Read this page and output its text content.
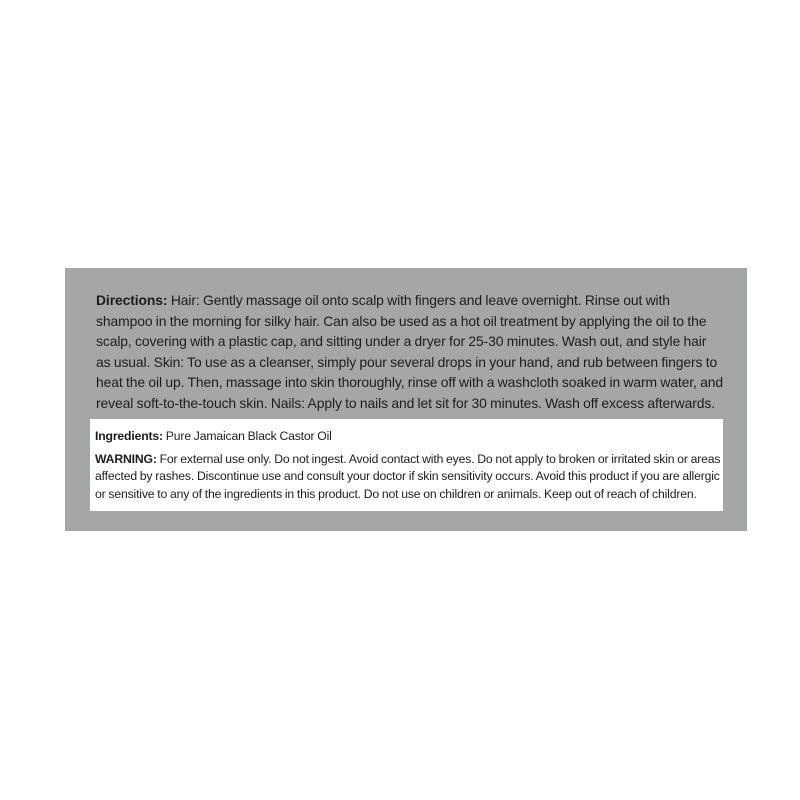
Directions: Hair: Gently massage oil onto scalp with fingers and leave overnight. Rinse out with shampoo in the morning for silky hair. Can also be used as a hot oil treatment by applying the oil to the scalp, covering with a plastic cap, and sitting under a dryer for 25-30 minutes. Wash out, and style hair as usual. Skin: To use as a cleanser, simply pour several drops in your hand, and rub between fingers to heat the oil up. Then, massage into skin thoroughly, rinse off with a washcloth soaked in warm water, and reveal soft-to-the-touch skin. Nails: Apply to nails and let sit for 30 minutes. Wash off excess afterwards.

Ingredients: Pure Jamaican Black Castor Oil

WARNING: For external use only. Do not ingest. Avoid contact with eyes. Do not apply to broken or irritated skin or areas affected by rashes. Discontinue use and consult your doctor if skin sensitivity occurs. Avoid this product if you are allergic or sensitive to any of the ingredients in this product. Do not use on children or animals. Keep out of reach of children.
